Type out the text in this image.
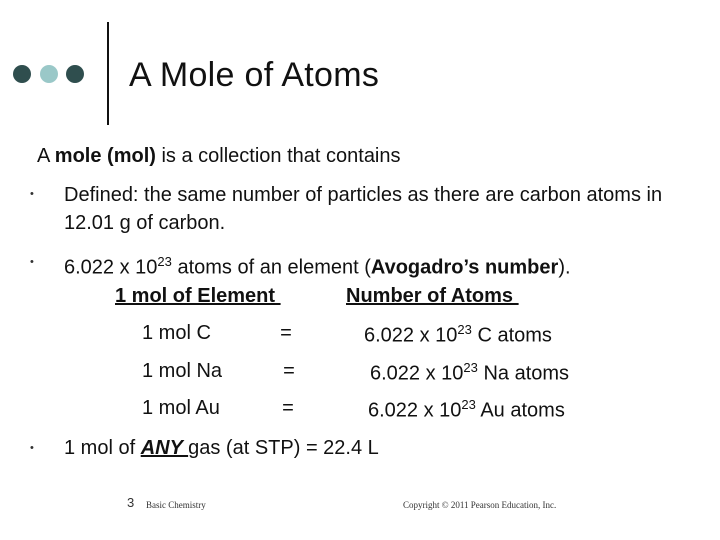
A Mole of Atoms
A mole (mol) is a collection that contains
• Defined: the same number of particles as there are carbon atoms in 12.01 g of carbon.
• 6.022 x $10^{23}$ atoms of an element (Avogadro’s number).
1 mol of Element	Number of Atoms
1 mol C	=	6.022 x $10^{23}$ C atoms
1 mol Na	=	6.022 x $10^{23}$ Na atoms
1 mol Au	=	6.022 x $10^{23}$ Au atoms
• 1 mol of ANY gas (at STP) = 22.4 L
3 Basic Chemistry	Copyright © 2011 Pearson Education, Inc.
